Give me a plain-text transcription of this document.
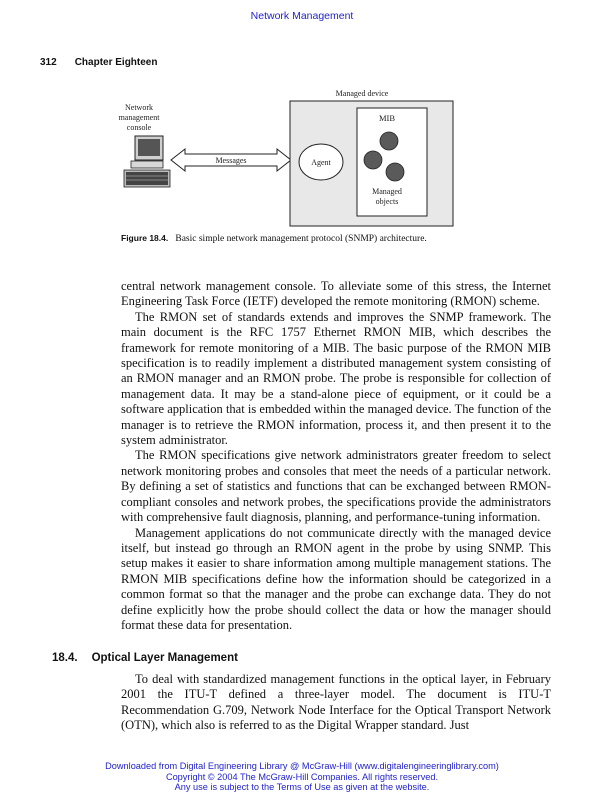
Network Management
312 Chapter Eighteen
Network
management
console
Messages
Managed device
MIB
Agent
Managed
objects
Figure 18.4. Basic simple network management protocol (SNMP) architecture.

central network management console. To alleviate some of this stress, the Internet Engineering Task Force (IETF) developed the remote monitoring (RMON) scheme.

The RMON set of standards extends and improves the SNMP framework. The main document is the RFC 1757 Ethernet RMON MIB, which describes the framework for remote monitoring of a MIB. The basic purpose of the RMON MIB specification is to readily implement a distributed management system consisting of an RMON manager and an RMON probe. The probe is responsible for collection of management data. It may be a stand-alone piece of equipment, or it could be a software application that is embedded within the managed device. The function of the manager is to retrieve the RMON information, process it, and then present it to the system administrator.

The RMON specifications give network administrators greater freedom to select network monitoring probes and consoles that meet the needs of a particular network. By defining a set of statistics and functions that can be exchanged between RMON-compliant consoles and network probes, the specifications provide the administrators with comprehensive fault diagnosis, planning, and performance-tuning information.

Management applications do not communicate directly with the managed device itself, but instead go through an RMON agent in the probe by using SNMP. This setup makes it easier to share information among multiple management stations. The RMON MIB specifications define how the information should be categorized in a common format so that the manager and the probe can exchange data. They do not define explicitly how the probe should collect the data or how the manager should format these data for presentation.

18.4. Optical Layer Management

To deal with standardized management functions in the optical layer, in February 2001 the ITU-T defined a three-layer model. The document is ITU-T Recommendation G.709, Network Node Interface for the Optical Transport Network (OTN), which also is referred to as the Digital Wrapper standard. Just

Downloaded from Digital Engineering Library @ McGraw-Hill (www.digitalengineeringlibrary.com)
Copyright © 2004 The McGraw-Hill Companies. All rights reserved.
Any use is subject to the Terms of Use as given at the website.
